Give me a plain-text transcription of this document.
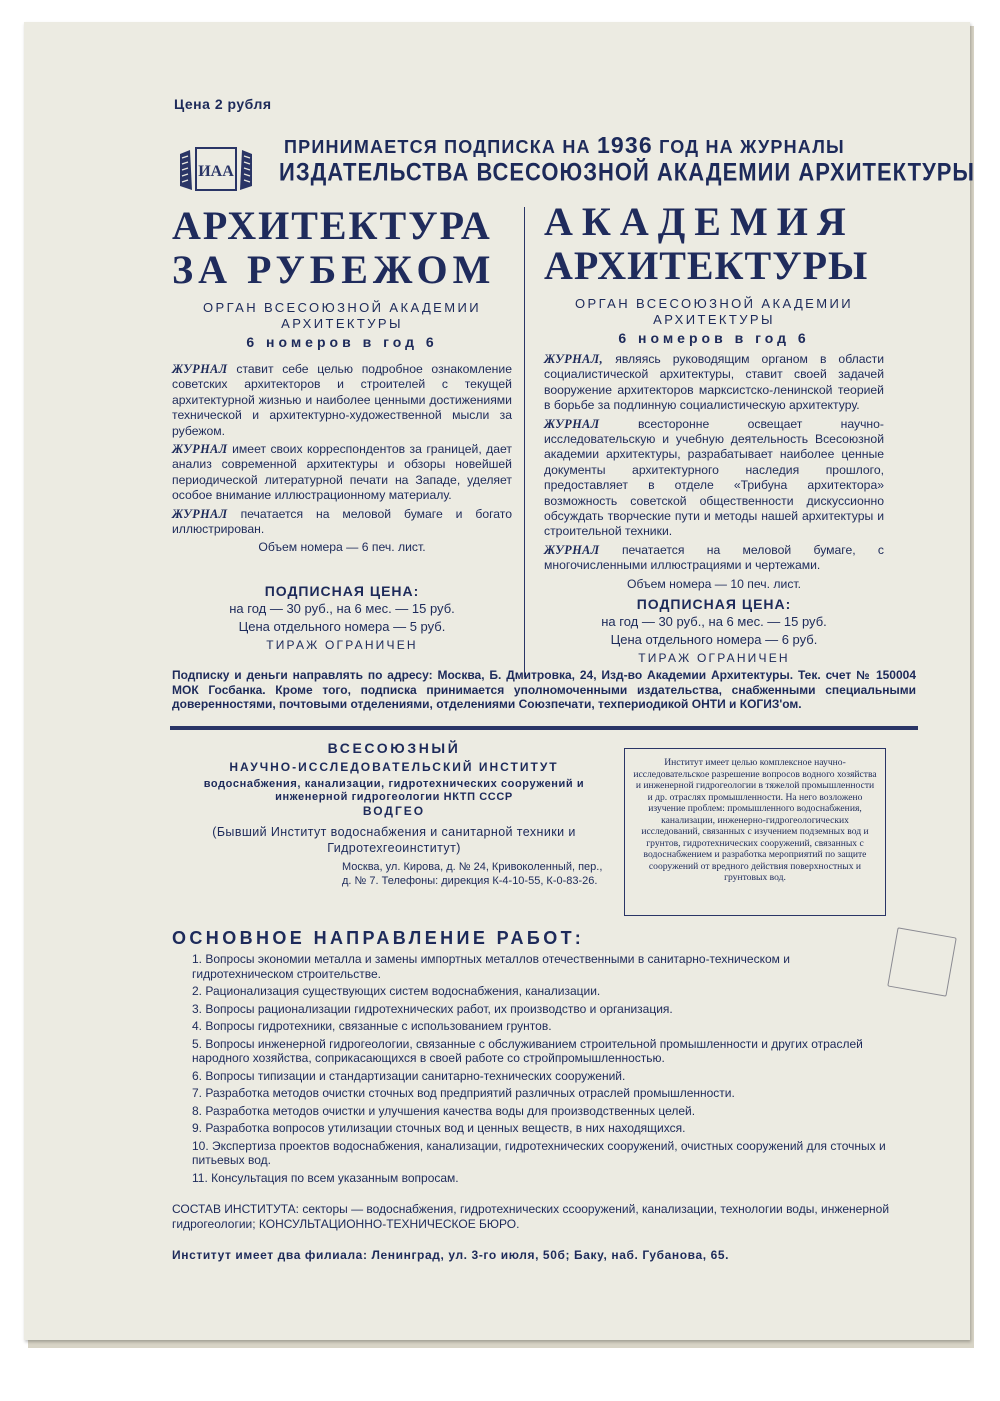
Цена 2 рубля
ИАА
ПРИНИМАЕТСЯ ПОДПИСКА НА 1936 ГОД НА ЖУРНАЛЫ
ИЗДАТЕЛЬСТВА ВСЕСОЮЗНОЙ АКАДЕМИИ АРХИТЕКТУРЫ
АРХИТЕКТУРА
ЗА РУБЕЖОМ
ОРГАН ВСЕСОЮЗНОЙ АКАДЕМИИ
АРХИТЕКТУРЫ
6 номеров в год 6

ЖУРНАЛ ставит себе целью подробное ознакомление советских архитекторов и строителей с текущей архитектурной жизнью и наиболее ценными достижениями технической и архитектурно-художественной мысли за рубежом.

ЖУРНАЛ имеет своих корреспондентов за границей, дает анализ современной архитектуры и обзоры новейшей периодической литературной печати на Западе, уделяет особое внимание иллюстрационному материалу.

ЖУРНАЛ печатается на меловой бумаге и богато иллюстрирован.

Объем номера — 6 печ. лист.

ПОДПИСНАЯ ЦЕНА:
на год — 30 руб., на 6 мес. — 15 руб.
Цена отдельного номера — 5 руб.
ТИРАЖ ОГРАНИЧЕН
АКАДЕМИЯ
АРХИТЕКТУРЫ
ОРГАН ВСЕСОЮЗНОЙ АКАДЕМИИ
АРХИТЕКТУРЫ
6 номеров в год 6

ЖУРНАЛ, являясь руководящим органом в области социалистической архитектуры, ставит своей задачей вооружение архитекторов марксистско-ленинской теорией в борьбе за подлинную социалистическую архитектуру.

ЖУРНАЛ	всесторонне освещает научно-исследовательскую и учебную деятельность Всесоюзной академии архитектуры, разрабатывает наиболее ценные документы архитектурного наследия прошлого, предоставляет в отделе «Трибуна архитектора» возможность советской общественности дискуссионно обсуждать творческие пути и методы нашей архитектуры и строительной техники.

ЖУРНАЛ печатается на меловой бумаге, с многочисленными иллюстрациями и чертежами.

Объем номера — 10 печ. лист.

ПОДПИСНАЯ ЦЕНА:
на год — 30 руб., на 6 мес. — 15 руб.
Цена отдельного номера — 6 руб.
ТИРАЖ ОГРАНИЧЕН
Подписку и деньги направлять по адресу: Москва, Б. Дмитровка, 24, Изд-во Академии Архитектуры. Тек. счет № 150004 МОК Госбанка. Кроме того, подписка принимается уполномоченными издательства, снабженными специальными доверенностями, почтовыми отделениями, отделениями Союзпечати, техпериодикой ОНТИ и КОГИЗ'ом.
ВСЕСОЮЗНЫЙ
НАУЧНО-ИССЛЕДОВАТЕЛЬСКИЙ ИНСТИТУТ
водоснабжения, канализации, гидротехнических сооружений и инженерной гидрогеологии НКТП СССР
ВОДГЕО
(Бывший Институт водоснабжения и санитарной техники и Гидротехгеоинститут)
Москва, ул. Кирова, д. № 24, Кривоколенный, пер., д. № 7. Телефоны: дирекция К-4-10-55, К-0-83-26.
Институт имеет целью комплексное научно-исследовательское разрешение вопросов водного хозяйства и инженерной гидрогеологии в тяжелой промышленности и др. отраслях промышленности. На него возложено изучение проблем: промышленного водоснабжения, канализации, инженерно-гидрогеологических исследований, связанных с изучением подземных вод и грунтов, гидротехнических сооружений, связанных с водоснабжением и разработка мероприятий по защите сооружений от вредного действия поверхностных и грунтовых вод.
ОСНОВНОЕ НАПРАВЛЕНИЕ РАБОТ:
1. Вопросы экономии металла и замены импортных металлов отечественными в санитарно-техническом и гидротехническом строительстве.
2. Рационализация существующих систем водоснабжения, канализации.
3. Вопросы рационализации гидротехнических работ, их производство и организация.
4. Вопросы гидротехники, связанные с использованием грунтов.
5. Вопросы инженерной гидрогеологии, связанные с обслуживанием строительной промышленности и других отраслей народного хозяйства, соприкасающихся в своей работе со стройпромышленностью.
6. Вопросы типизации и стандартизации санитарно-технических сооружений.
7. Разработка методов очистки сточных вод предприятий различных отраслей промышленности.
8. Разработка методов очистки и улучшения качества воды для производственных целей.
9. Разработка вопросов утилизации сточных вод и ценных веществ, в них находящихся.
10. Экспертиза проектов водоснабжения, канализации, гидротехнических сооружений, очистных сооружений для сточных и питьевых вод.
11. Консультация по всем указанным вопросам.
СОСТАВ ИНСТИТУТА: секторы — водоснабжения, гидротехнических ссооружений, канализации, технологии воды, инженерной гидрогеологии; КОНСУЛЬТАЦИОННО-ТЕХНИЧЕСКОЕ БЮРО.
Институт имеет два филиала: Ленинград, ул. 3-го июля, 50б; Баку, наб. Губанова, 65.
